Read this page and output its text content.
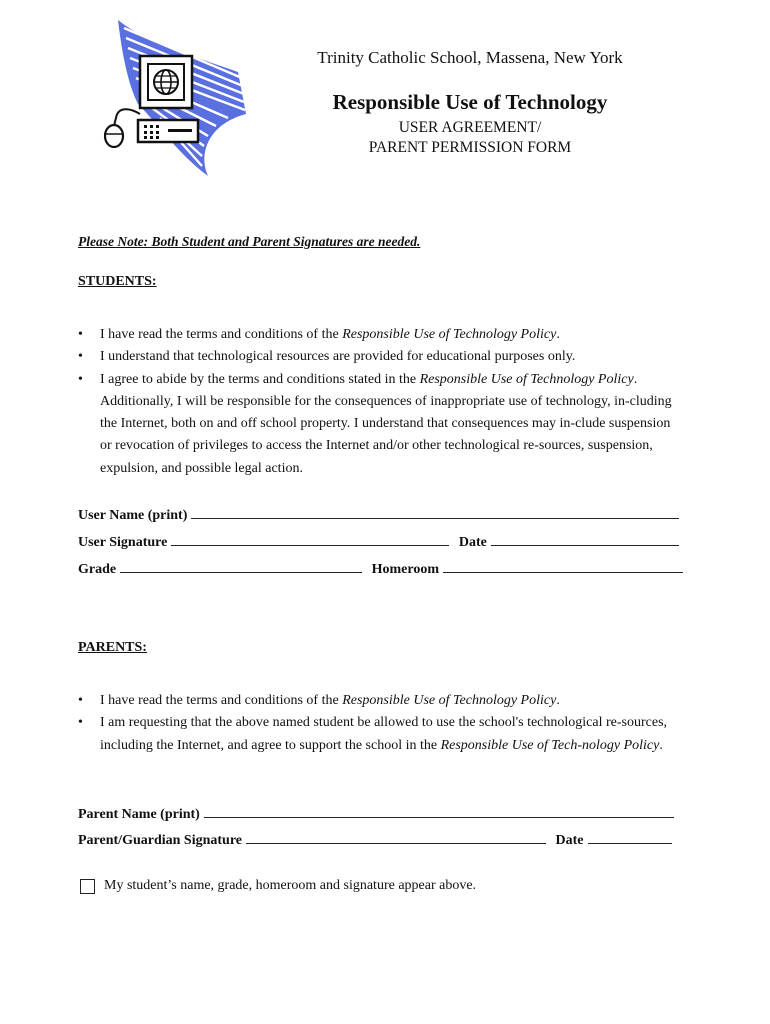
Trinity Catholic School, Massena, New York
Responsible Use of Technology
USER AGREEMENT/
PARENT PERMISSION FORM
Please Note: Both Student and Parent Signatures are needed.
STUDENTS:
• I have read the terms and conditions of the Responsible Use of Technology Policy.
• I understand that technological resources are provided for educational purposes only.
• I agree to abide by the terms and conditions stated in the Responsible Use of Technology Policy. Additionally, I will be responsible for the consequences of inappropriate use of technology, in-cluding the Internet, both on and off school property. I understand that consequences may in-clude suspension or revocation of privileges to access the Internet and/or other technological re-sources, suspension, expulsion, and possible legal action.
User Name (print)
User Signature	Date
Grade	Homeroom
PARENTS:
• I have read the terms and conditions of the Responsible Use of Technology Policy.
• I am requesting that the above named student be allowed to use the school's technological re-sources, including the Internet, and agree to support the school in the Responsible Use of Tech-nology Policy.
Parent Name (print)
Parent/Guardian Signature	Date
My student’s name, grade, homeroom and signature appear above.
